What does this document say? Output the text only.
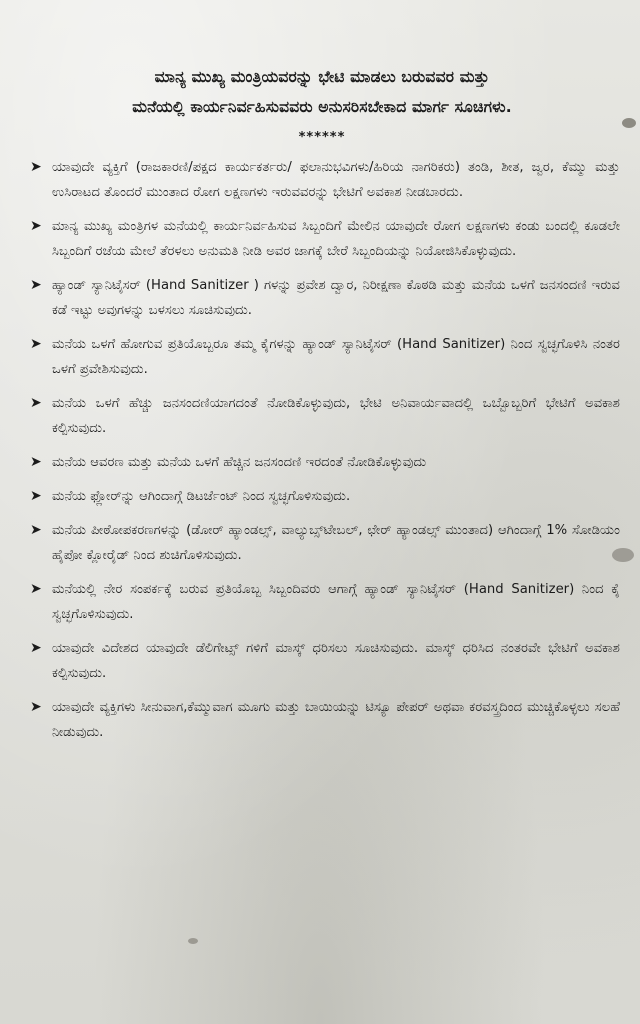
ಮಾನ್ಯ ಮುಖ್ಯ ಮಂತ್ರಿಯವರನ್ನು ಭೇಟಿ ಮಾಡಲು ಬರುವವರ ಮತ್ತು

ಮನೆಯಲ್ಲಿ ಕಾರ್ಯನಿರ್ವಹಿಸುವವರು ಅನುಸರಿಸಬೇಕಾದ ಮಾರ್ಗ ಸೂಚಿಗಳು.

******
➤ ಯಾವುದೇ ವ್ಯಕ್ತಿಗೆ (ರಾಜಕಾರಣಿ/ಪಕ್ಷದ ಕಾರ್ಯಕರ್ತರು/ ಫಲಾನುಭವಿಗಳು/ಹಿರಿಯ ನಾಗರಿಕರು) ತಂಡಿ, ಶೀತ, ಜ್ವರ, ಕೆಮ್ಮು ಮತ್ತು ಉಸಿರಾಟದ ತೊಂದರೆ ಮುಂತಾದ ರೋಗ ಲಕ್ಷಣಗಳು ಇರುವವರನ್ನು ಭೇಟಿಗೆ ಅವಕಾಶ ನೀಡಬಾರದು.
➤ ಮಾನ್ಯ ಮುಖ್ಯ ಮಂತ್ರಿಗಳ ಮನೆಯಲ್ಲಿ ಕಾರ್ಯನಿರ್ವಹಿಸುವ ಸಿಬ್ಬಂದಿಗೆ ಮೇಲಿನ ಯಾವುದೇ ರೋಗ ಲಕ್ಷಣಗಳು ಕಂಡು ಬಂದಲ್ಲಿ ಕೂಡಲೇ ಸಿಬ್ಬಂದಿಗೆ ರಜೆಯ ಮೇಲೆ ತೆರಳಲು ಅನುಮತಿ ನೀಡಿ ಅವರ ಜಾಗಕ್ಕೆ ಬೇರೆ ಸಿಬ್ಬಂದಿಯನ್ನು ನಿಯೋಜಿಸಿಕೊಳ್ಳುವುದು.
➤ ಹ್ಯಾಂಡ್ ಸ್ಯಾನಿಟೈಸರ್ (Hand Sanitizer ) ಗಳನ್ನು ಪ್ರವೇಶ ದ್ವಾರ, ನಿರೀಕ್ಷಣಾ ಕೊಠಡಿ ಮತ್ತು ಮನೆಯ ಒಳಗೆ ಜನಸಂದಣಿ ಇರುವ ಕಡೆ ಇಟ್ಟು ಅವುಗಳನ್ನು ಬಳಸಲು ಸೂಚಿಸುವುದು.
➤ ಮನೆಯ ಒಳಗೆ ಹೋಗುವ ಪ್ರತಿಯೊಬ್ಬರೂ ತಮ್ಮ ಕೈಗಳನ್ನು ಹ್ಯಾಂಡ್ ಸ್ಯಾನಿಟೈಸರ್ (Hand Sanitizer) ನಿಂದ ಸ್ವಚ್ಛಗೊಳಿಸಿ ನಂತರ ಒಳಗೆ ಪ್ರವೇಶಿಸುವುದು.
➤ ಮನೆಯ ಒಳಗೆ ಹೆಚ್ಚು ಜನಸಂದಣಿಯಾಗದಂತೆ ನೋಡಿಕೊಳ್ಳುವುದು, ಭೇಟಿ ಅನಿವಾರ್ಯವಾದಲ್ಲಿ ಒಬ್ಬೊಬ್ಬರಿಗೆ ಭೇಟಿಗೆ ಅವಕಾಶ ಕಲ್ಪಿಸುವುದು.
➤ ಮನೆಯ ಆವರಣ ಮತ್ತು ಮನೆಯ ಒಳಗೆ ಹೆಚ್ಚಿನ ಜನಸಂದಣಿ ಇರದಂತೆ ನೋಡಿಕೊಳ್ಳುವುದು
➤ ಮನೆಯ ಫ್ಲೋರ್‌ನ್ನು ಆಗಿಂದಾಗ್ಗೆ ಡಿಟರ್ಜೆಂಟ್ ನಿಂದ ಸ್ವಚ್ಛಗೊಳಿಸುವುದು.
➤ ಮನೆಯ ಪೀಠೋಪಕರಣಗಳನ್ನು (ಡೋರ್ ಹ್ಯಾಂಡಲ್ಸ್, ವಾಲ್ಯುಬ್ಸ್‌ಟೇಬಲ್, ಛೇರ್ ಹ್ಯಾಂಡಲ್ಸ್ ಮುಂತಾದ) ಆಗಿಂದಾಗ್ಗೆ 1% ಸೋಡಿಯಂ ಹೈಪೋ ಕ್ಲೋರೈಡ್ ನಿಂದ ಶುಚಿಗೊಳಿಸುವುದು.
➤ ಮನೆಯಲ್ಲಿ ನೇರ ಸಂಪರ್ಕಕ್ಕೆ ಬರುವ ಪ್ರತಿಯೊಬ್ಬ ಸಿಬ್ಬಂದಿವರು ಆಗಾಗ್ಗೆ ಹ್ಯಾಂಡ್ ಸ್ಯಾನಿಟೈಸರ್ (Hand Sanitizer) ನಿಂದ ಕೈ ಸ್ವಚ್ಛಗೊಳಿಸುವುದು.
➤ ಯಾವುದೇ ವಿದೇಶದ ಯಾವುದೇ ಡೆಲಿಗೇಟ್ಸ್ ಗಳಿಗೆ ಮಾಸ್ಕ್ ಧರಿಸಲು ಸೂಚಿಸುವುದು. ಮಾಸ್ಕ್ ಧರಿಸಿದ ನಂತರವೇ ಭೇಟಿಗೆ ಅವಕಾಶ ಕಲ್ಪಿಸುವುದು.
➤ ಯಾವುದೇ ವ್ಯಕ್ತಿಗಳು ಸೀನುವಾಗ,ಕೆಮ್ಮುವಾಗ ಮೂಗು ಮತ್ತು ಬಾಯಿಯನ್ನು ಟಿಸ್ಯೂ ಪೇಪರ್ ಅಥವಾ ಕರವಸ್ತ್ರದಿಂದ ಮುಚ್ಚಿಕೊಳ್ಳಲು ಸಲಹೆ ನೀಡುವುದು.
